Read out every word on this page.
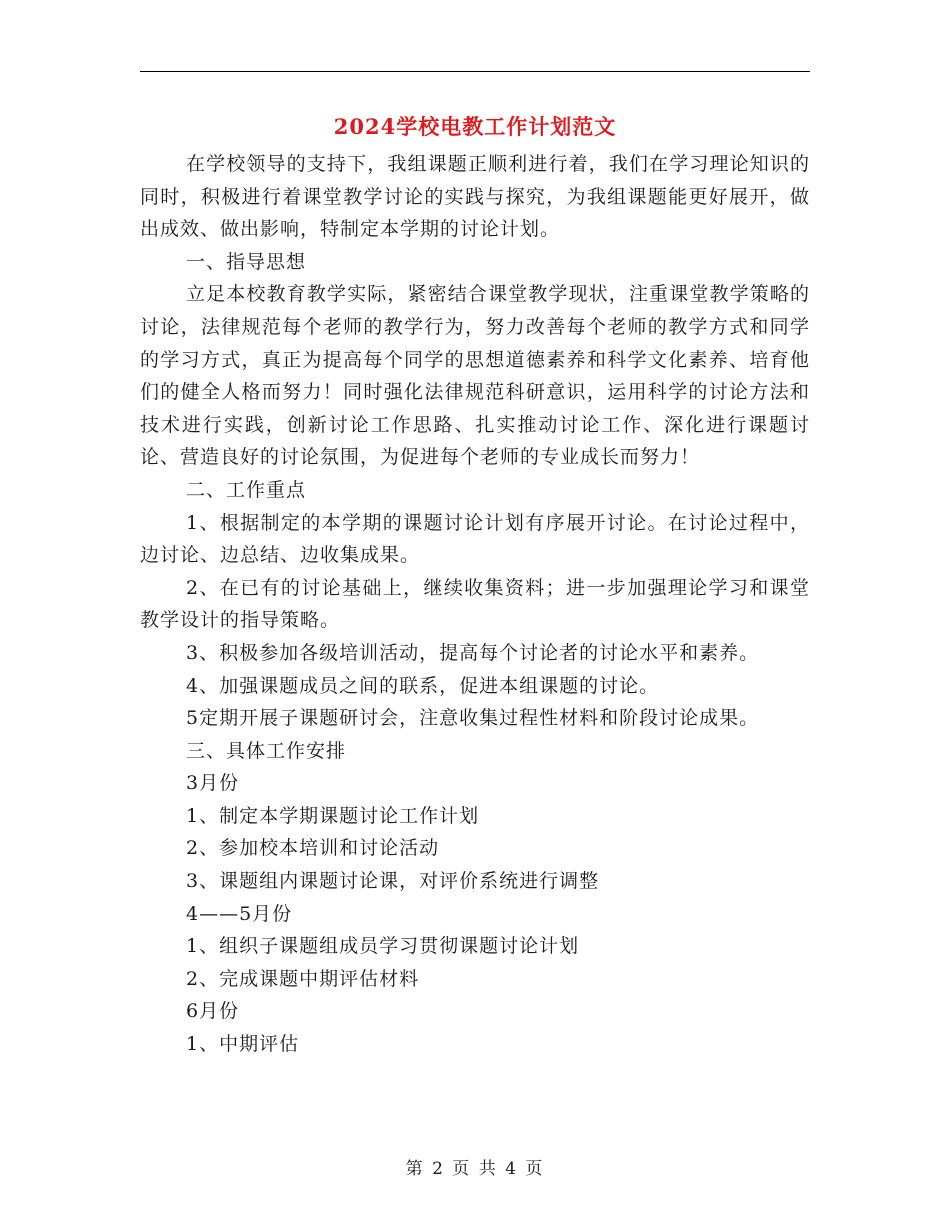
2024学校电教工作计划范文

在学校领导的支持下，我组课题正顺利进行着，我们在学习理论知识的同时，积极进行着课堂教学讨论的实践与探究，为我组课题能更好展开，做出成效、做出影响，特制定本学期的讨论计划。

一、指导思想

立足本校教育教学实际，紧密结合课堂教学现状，注重课堂教学策略的讨论，法律规范每个老师的教学行为，努力改善每个老师的教学方式和同学的学习方式，真正为提高每个同学的思想道德素养和科学文化素养、培育他们的健全人格而努力！同时强化法律规范科研意识，运用科学的讨论方法和技术进行实践，创新讨论工作思路、扎实推动讨论工作、深化进行课题讨论、营造良好的讨论氛围，为促进每个老师的专业成长而努力！

二、工作重点

1、根据制定的本学期的课题讨论计划有序展开讨论。在讨论过程中，边讨论、边总结、边收集成果。

2、在已有的讨论基础上，继续收集资料；进一步加强理论学习和课堂教学设计的指导策略。

3、积极参加各级培训活动，提高每个讨论者的讨论水平和素养。

4、加强课题成员之间的联系，促进本组课题的讨论。

5定期开展子课题研讨会，注意收集过程性材料和阶段讨论成果。

三、具体工作安排

3月份

1、制定本学期课题讨论工作计划

2、参加校本培训和讨论活动

3、课题组内课题讨论课，对评价系统进行调整

4——5月份

1、组织子课题组成员学习贯彻课题讨论计划

2、完成课题中期评估材料

6月份

1、中期评估

第 2 页 共 4 页
